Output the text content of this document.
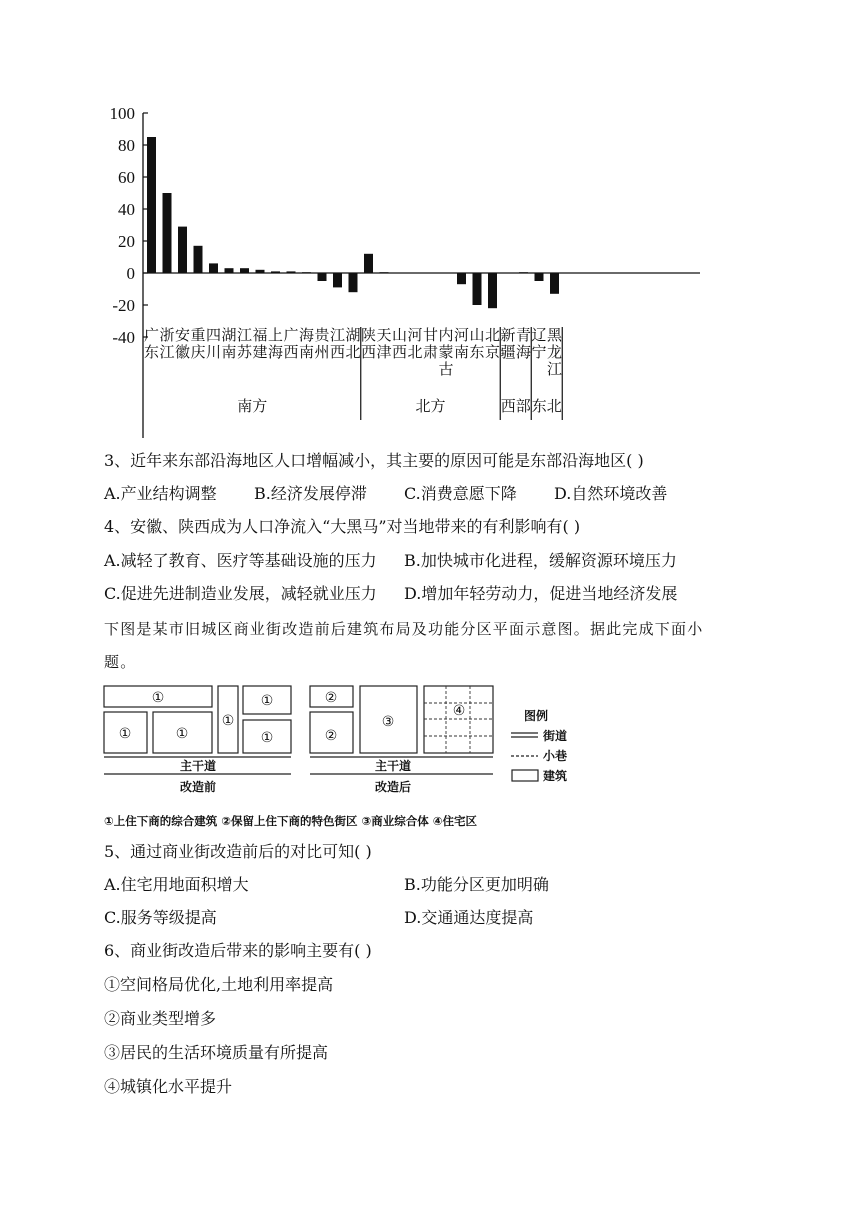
100
80
60
40
20
0
-20
-40 广东
浙江
安徽
重庆
四川
湖南
江苏
福建
上海
广西
海南
贵州
江西
湖北
陕西
天津
山西
河北
甘肃
内蒙古
河南
山东
北京
新疆
青海
辽宁
黑龙江
南方	北方	西部 东北
3、近年来东部沿海地区人口增幅减小，其主要的原因可能是东部沿海地区( )
A.产业结构调整 B.经济发展停滞 C.消费意愿下降 D.自然环境改善
4、安徽、陕西成为人口净流入“大黑马”对当地带来的有利影响有( )
A.减轻了教育、医疗等基础设施的压力 B.加快城市化进程，缓解资源环境压力
C.促进先进制造业发展，减轻就业压力 D.增加年轻劳动力，促进当地经济发展
下图是某市旧城区商业街改造前后建筑布局及功能分区平面示意图。据此完成下面小
题。
①
①	①
①
①
①
主干道
改造前
②
②
③
④
主干道
改造后
图例
街道
小巷
建筑
①上住下商的综合建筑 ②保留上住下商的特色街区 ③商业综合体 ④住宅区
5、通过商业街改造前后的对比可知( )
A.住宅用地面积增大	B.功能分区更加明确
C.服务等级提高	D.交通通达度提高
6、商业街改造后带来的影响主要有( )
①空间格局优化,土地利用率提高
②商业类型增多
③居民的生活环境质量有所提高
④城镇化水平提升
